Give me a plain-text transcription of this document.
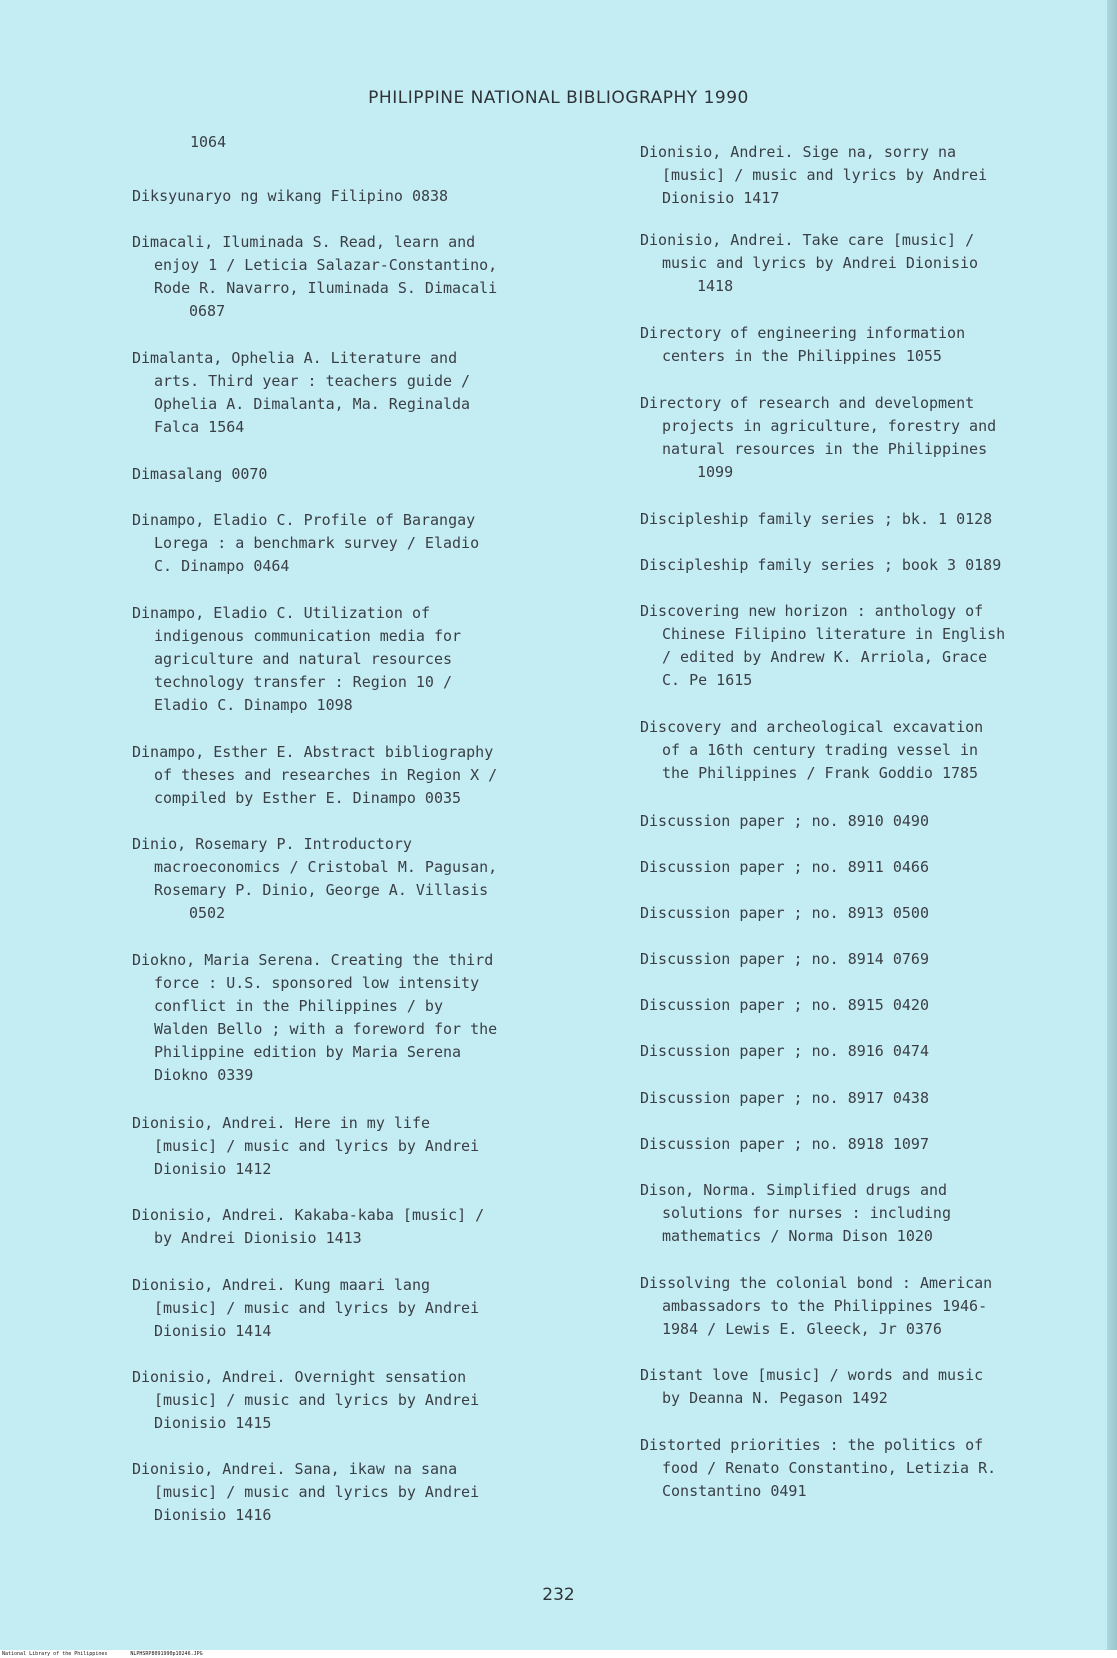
PHILIPPINE NATIONAL BIBLIOGRAPHY 1990
1064
Diksyunaryo ng wikang Filipino 0838
Dimacali, Iluminada S. Read, learn and
enjoy 1 / Leticia Salazar-Constantino,
Rode R. Navarro, Iluminada S. Dimacali
0687
Dimalanta, Ophelia A. Literature and
arts. Third year : teachers guide /
Ophelia A. Dimalanta, Ma. Reginalda
Falca 1564
Dimasalang 0070
Dinampo, Eladio C. Profile of Barangay
Lorega : a benchmark survey / Eladio
C. Dinampo 0464
Dinampo, Eladio C. Utilization of
indigenous communication media for
agriculture and natural resources
technology transfer : Region 10 /
Eladio C. Dinampo 1098
Dinampo, Esther E. Abstract bibliography
of theses and researches in Region X /
compiled by Esther E. Dinampo 0035
Dinio, Rosemary P. Introductory
macroeconomics / Cristobal M. Pagusan,
Rosemary P. Dinio, George A. Villasis
0502
Diokno, Maria Serena. Creating the third
force : U.S. sponsored low intensity
conflict in the Philippines / by
Walden Bello ; with a foreword for the
Philippine edition by Maria Serena
Diokno 0339
Dionisio, Andrei. Here in my life
[music] / music and lyrics by Andrei
Dionisio 1412
Dionisio, Andrei. Kakaba-kaba [music] /
by Andrei Dionisio 1413
Dionisio, Andrei. Kung maari lang
[music] / music and lyrics by Andrei
Dionisio 1414
Dionisio, Andrei. Overnight sensation
[music] / music and lyrics by Andrei
Dionisio 1415
Dionisio, Andrei. Sana, ikaw na sana
[music] / music and lyrics by Andrei
Dionisio 1416
Dionisio, Andrei. Sige na, sorry na
[music] / music and lyrics by Andrei
Dionisio 1417
Dionisio, Andrei. Take care [music] /
music and lyrics by Andrei Dionisio
1418
Directory of engineering information
centers in the Philippines 1055
Directory of research and development
projects in agriculture, forestry and
natural resources in the Philippines
1099
Discipleship family series ; bk. 1 0128
Discipleship family series ; book 3 0189
Discovering new horizon : anthology of
Chinese Filipino literature in English
/ edited by Andrew K. Arriola, Grace
C. Pe 1615
Discovery and archeological excavation
of a 16th century trading vessel in
the Philippines / Frank Goddio 1785
Discussion paper ; no. 8910 0490
Discussion paper ; no. 8911 0466
Discussion paper ; no. 8913 0500
Discussion paper ; no. 8914 0769
Discussion paper ; no. 8915 0420
Discussion paper ; no. 8916 0474
Discussion paper ; no. 8917 0438
Discussion paper ; no. 8918 1097
Dison, Norma. Simplified drugs and
solutions for nurses : including
mathematics / Norma Dison 1020
Dissolving the colonial bond : American
ambassadors to the Philippines 1946-
1984 / Lewis E. Gleeck, Jr 0376
Distant love [music] / words and music
by Deanna N. Pegason 1492
Distorted priorities : the politics of
food / Renato Constantino, Letizia R.
Constantino 0491
232
National Library of the Philippines	NLPHSRP8091990p10246.JPG
